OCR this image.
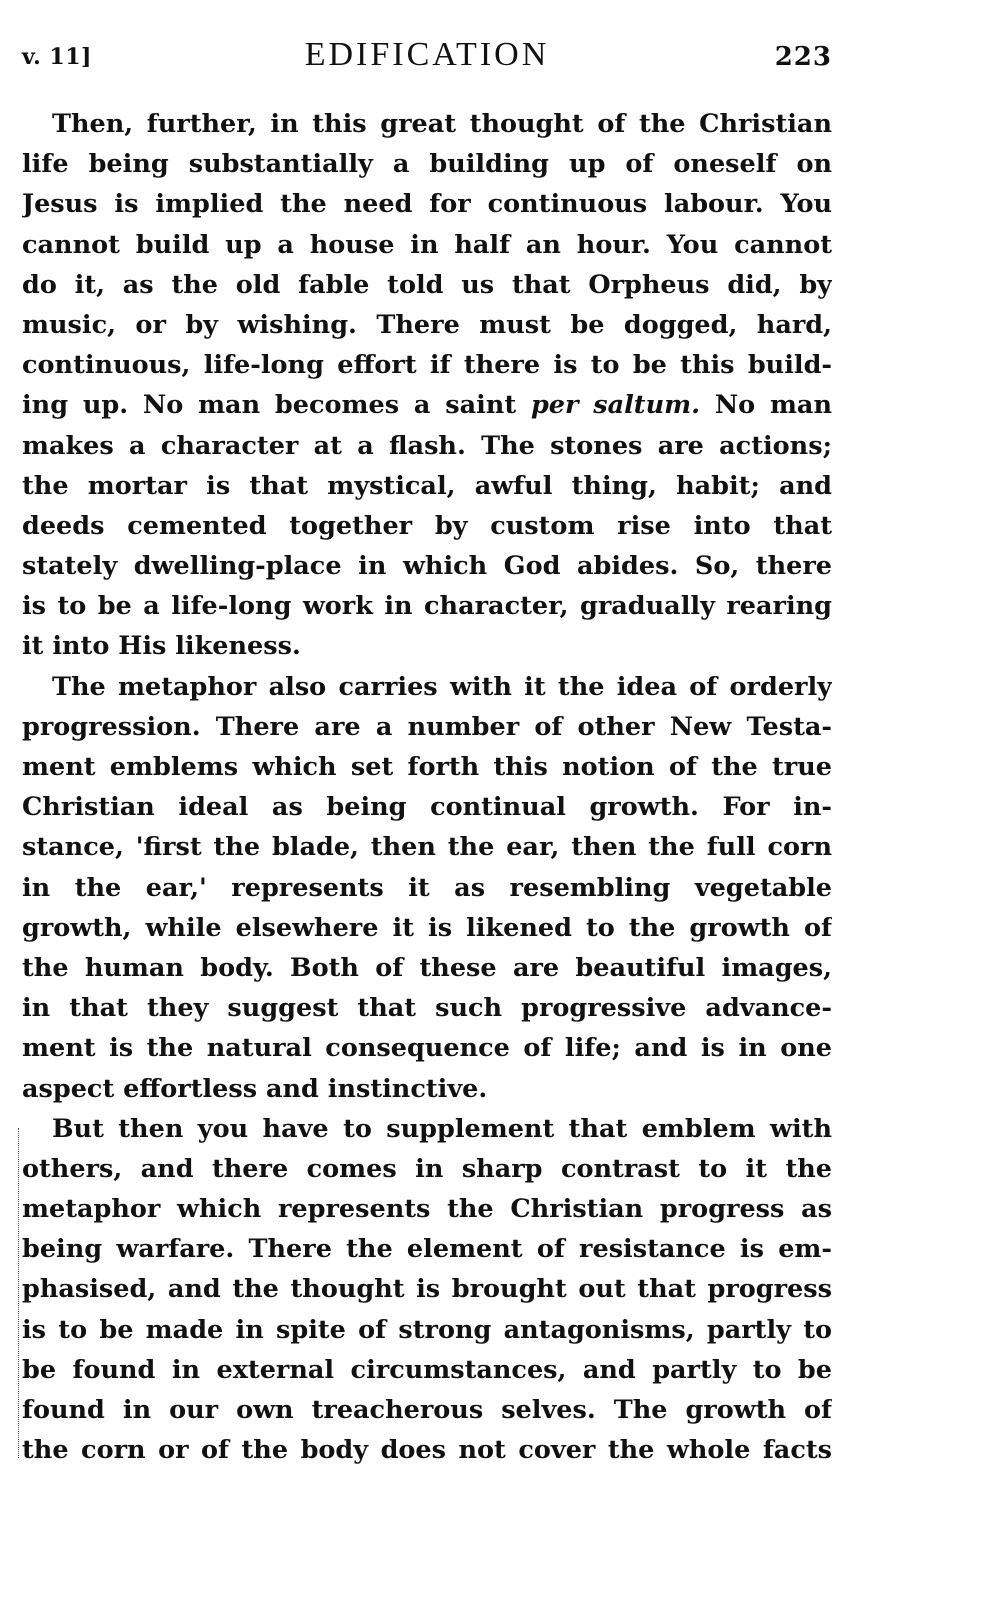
v. 11]	EDIFICATION	223
Then, further, in this great thought of the Christian
life being substantially a building up of oneself on
Jesus is implied the need for continuous labour. You
cannot build up a house in half an hour. You cannot
do it, as the old fable told us that Orpheus did, by
music, or by wishing. There must be dogged, hard,
continuous, life-long effort if there is to be this build-
ing up. No man becomes a saint per saltum. No man
makes a character at a flash. The stones are actions;
the mortar is that mystical, awful thing, habit; and
deeds cemented together by custom rise into that
stately dwelling-place in which God abides. So, there
is to be a life-long work in character, gradually rearing
it into His likeness.
The metaphor also carries with it the idea of orderly
progression. There are a number of other New Testa-
ment emblems which set forth this notion of the true
Christian ideal as being continual growth. For in-
stance, 'first the blade, then the ear, then the full corn
in the ear,' represents it as resembling vegetable
growth, while elsewhere it is likened to the growth of
the human body. Both of these are beautiful images,
in that they suggest that such progressive advance-
ment is the natural consequence of life; and is in one
aspect effortless and instinctive.
But then you have to supplement that emblem with
others, and there comes in sharp contrast to it the
metaphor which represents the Christian progress as
being warfare. There the element of resistance is em-
phasised, and the thought is brought out that progress
is to be made in spite of strong antagonisms, partly to
be found in external circumstances, and partly to be
found in our own treacherous selves. The growth of
the corn or of the body does not cover the whole facts
